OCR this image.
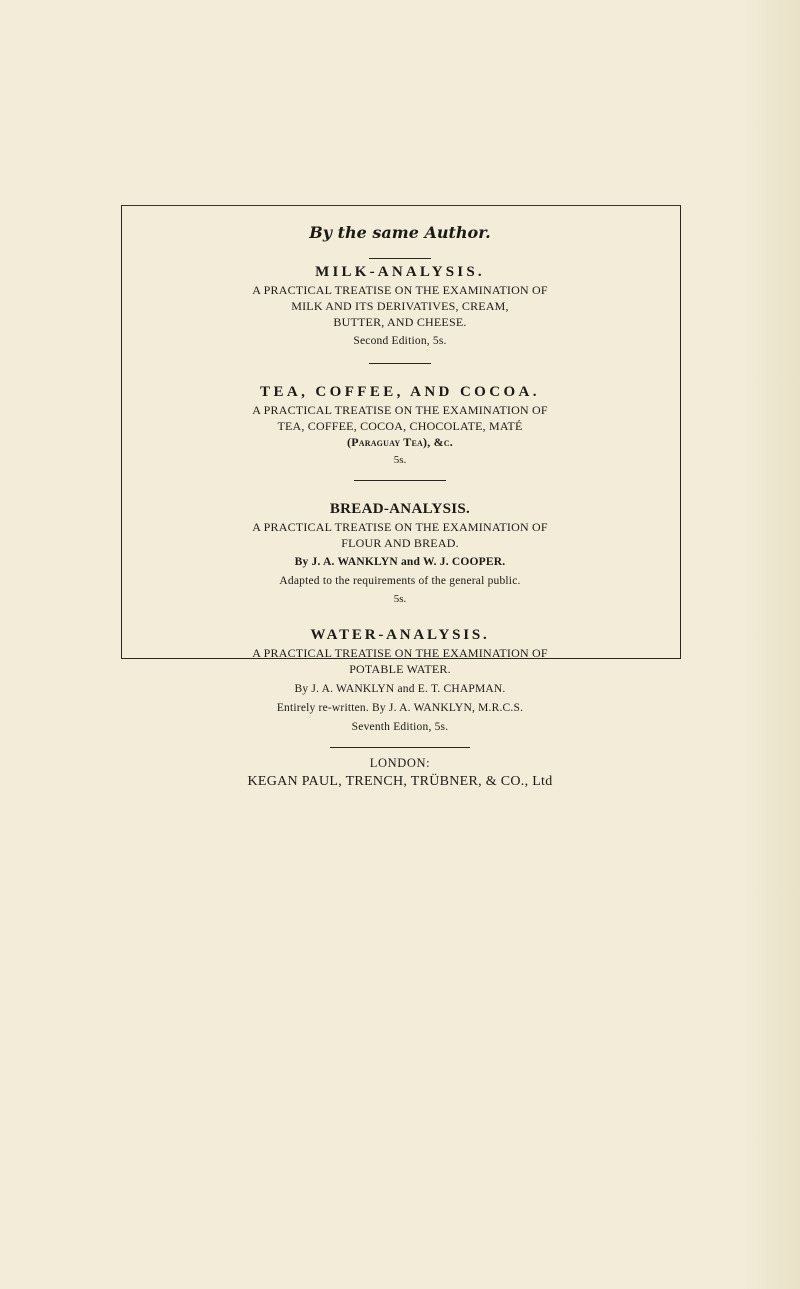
By the same Author.

MILK-ANALYSIS.

A PRACTICAL TREATISE ON THE EXAMINATION OF

MILK AND ITS DERIVATIVES, CREAM,

BUTTER, AND CHEESE.

Second Edition, 5s.

TEA, COFFEE, AND COCOA.

A PRACTICAL TREATISE ON THE EXAMINATION OF

TEA, COFFEE, COCOA, CHOCOLATE, MATÉ

(Paraguay Tea), &c.

5s.

BREAD-ANALYSIS.

A PRACTICAL TREATISE ON THE EXAMINATION OF

FLOUR AND BREAD.

By J. A. WANKLYN and W. J. COOPER.

Adapted to the requirements of the general public.

5s.

WATER-ANALYSIS.

A PRACTICAL TREATISE ON THE EXAMINATION OF

POTABLE WATER.

By J. A. WANKLYN and E. T. CHAPMAN.

Entirely re-written. By J. A. WANKLYN, M.R.C.S.

Seventh Edition, 5s.

LONDON:

KEGAN PAUL, TRENCH, TRÜBNER, & CO., Ltd
